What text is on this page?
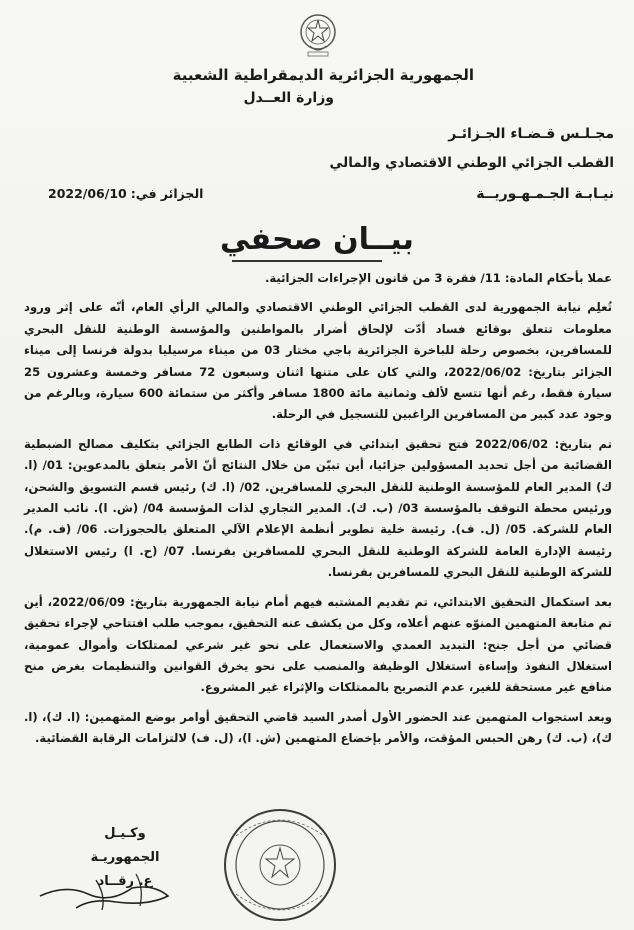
الجمهورية الجزائرية الديمقراطية الشعبية
وزارة العــدل
مجـلـس قـضـاء الجـزائـر
القطب الجزائي الوطني الاقتصادي والمالي
نيـابـة الجـمـهـوريــة
الجزائر في:2022/06/10
بيــان صحفي

عملا بأحكام المادة: 11/ فقرة 3 من قانون الإجراءات الجزائية.

تُعلِم نيابة الجمهورية لدى القطب الجزائي الوطني الاقتصادي والمالي الرأي العام، أنّه على إثر ورود معلومات تتعلق بوقائع فساد أدّت لإلحاق أضرار بالمواطنين والمؤسسة الوطنية للنقل البحري للمسافرين، بخصوص رحلة للباخرة الجزائرية باجي مختار 03 من ميناء مرسيليا بدولة فرنسا إلى ميناء الجزائر بتاريخ: 2022/06/02، والتي كان على متنها اثنان وسبعون 72 مسافر وخمسة وعشرون 25 سيارة فقط، رغم أنها تتسع لألف وثمانية مائة 1800 مسافر وأكثر من ستمائة 600 سيارة، وبالرغم من وجود عدد كبير من المسافرين الراغبين للتسجيل في الرحلة.

تم بتاريخ: 2022/06/02 فتح تحقيق ابتدائي في الوقائع ذات الطابع الجزائي بتكليف مصالح الضبطية القضائية من أجل تحديد المسؤولين جزائيا، أين تبيّن من خلال النتائج أنّ الأمر يتعلق بالمدعوين: 01/ (ا. ك) المدير العام للمؤسسة الوطنية للنقل البحري للمسافرين. 02/ (ا. ك) رئيس قسم التسويق والشحن، ورئيس محطة التوقف بالمؤسسة 03/ (ب. ك). المدير التجاري لذات المؤسسة 04/ (ش. ا). نائب المدير العام للشركة. 05/ (ل. ف). رئيسة خلية تطوير أنظمة الإعلام الآلي المتعلق بالحجوزات. 06/ (ف. م). رئيسة الإدارة العامة للشركة الوطنية للنقل البحري للمسافرين بفرنسا. 07/ (ح. ا) رئيس الاستغلال للشركة الوطنية للنقل البحري للمسافرين بفرنسا.

بعد استكمال التحقيق الابتدائي، تم تقديم المشتبه فيهم أمام نيابة الجمهورية بتاريخ: 2022/06/09، أين تم متابعة المتهمين المنوّه عنهم أعلاه، وكل من يكشف عنه التحقيق، بموجب طلب افتتاحي لإجراء تحقيق قضائي من أجل جنح: التبديد العمدي والاستعمال على نحو غير شرعي لممتلكات وأموال عمومية، استغلال النفوذ وإساءة استغلال الوظيفة والمنصب على نحو يخرق القوانين والتنظيمات بغرض منح منافع غير مستحقة للغير، عدم التصريح بالممتلكات والإثراء غير المشروع.

وبعد استجواب المتهمين عند الحضور الأول أصدر السيد قاضي التحقيق أوامر بوضع المتهمين: (ا. ك)، (ا. ك)، (ب. ك) رهن الحبس المؤقت، والأمر بإخضاع المتهمين (ش. ا)، (ل. ف) لالتزامات الرقابة القضائية.

وكـيـل الجمهوريـة
ع. رقــاد
